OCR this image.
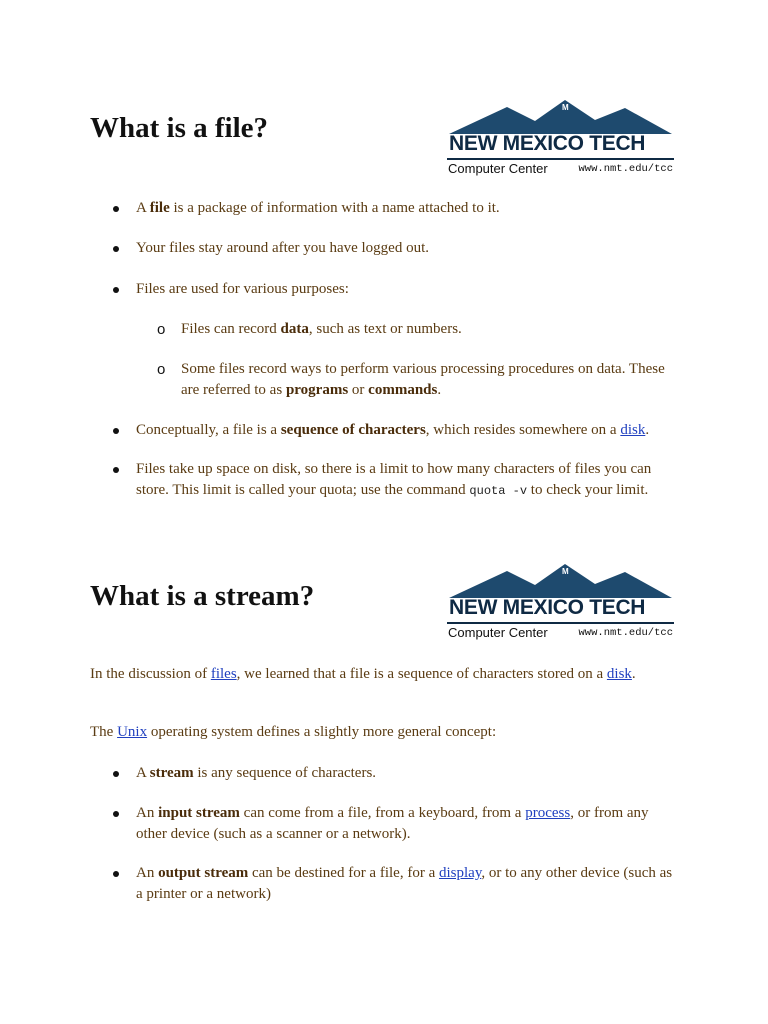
What is a file?
M
NEW MEXICO TECH
Computer Center	www.nmt.edu/tcc
A file is a package of information with a name attached to it.
Your files stay around after you have logged out.
Files are used for various purposes:
o Files can record data, such as text or numbers.
o Some files record ways to perform various processing procedures on data. These are referred to as programs or commands.
Conceptually, a file is a sequence of characters, which resides somewhere on a disk.
Files take up space on disk, so there is a limit to how many characters of files you can store. This limit is called your quota; use the command quota -v to check your limit.
What is a stream?
M
NEW MEXICO TECH
Computer Center	www.nmt.edu/tcc

In the discussion of files, we learned that a file is a sequence of characters stored on a disk.

The Unix operating system defines a slightly more general concept:

A stream is any sequence of characters.
An input stream can come from a file, from a keyboard, from a process, or from any other device (such as a scanner or a network).
An output stream can be destined for a file, for a display, or to any other device (such as a printer or a network)
